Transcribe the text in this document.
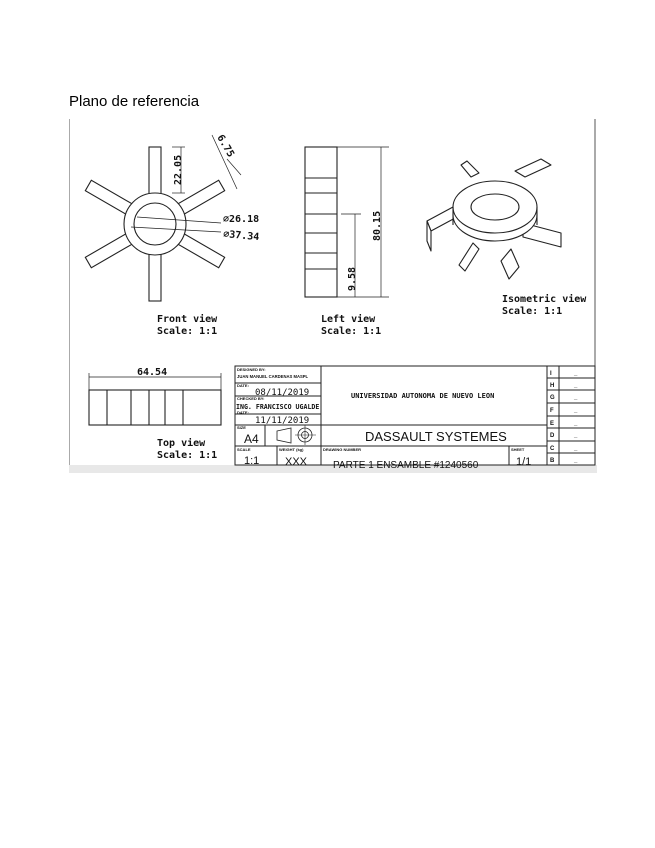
Plano de referencia
22.05
6.75
⌀26.18
⌀37.34
Front view
Scale: 1:1
80.15
9.58
Left view
Scale: 1:1
Isometric view
Scale: 1:1
64.54
Top view
Scale: 1:1
DESIGNED BY:
JUAN MANUEL CARDENAS MASPL
DATE:
08/11/2019
CHECKED BY:
ING. FRANCISCO UGALDE
DATE:
11/11/2019
SIZE
A4
SCALE
1:1
WEIGHT (kg)
XXX
UNIVERSIDAD AUTONOMA DE NUEVO LEON
DASSAULT SYSTEMES
DRAWING NUMBER
PARTE 1 ENSAMBLE #1240560
SHEET
1/1
I	_
H	_
G	_
F	_
E	_
D	_
C	_
B	_
